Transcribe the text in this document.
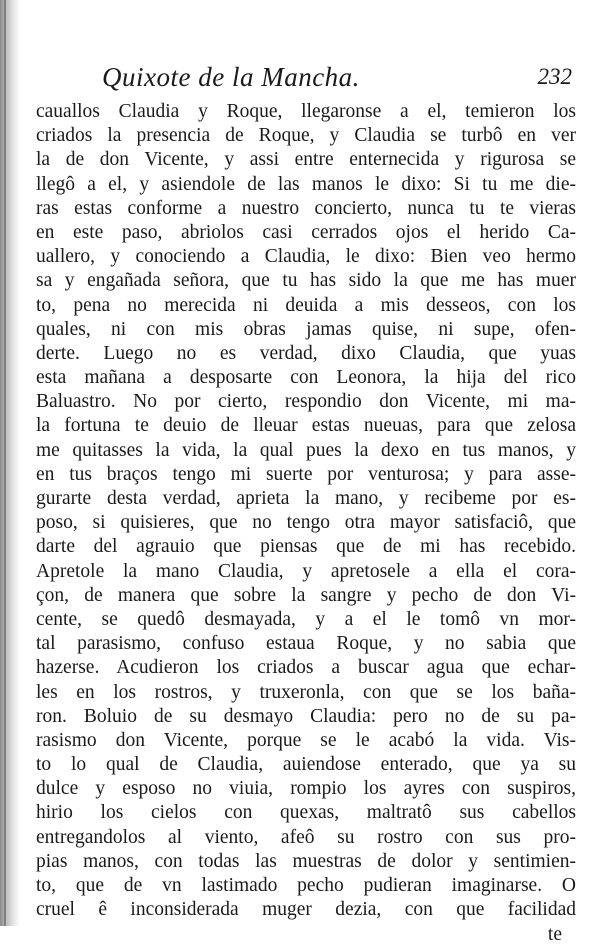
Quixote de la Mancha.	232
cauallos Claudia y Roque, llegaronse a el, temieron los
criados la presencia de Roque, y Claudia se turbô en ver
la de don Vicente, y assi entre enternecida y rigurosa se
llegô a el, y asiendole de las manos le dixo: Si tu me die-
ras estas conforme a nuestro concierto, nunca tu te vieras
en este paso, abriolos casi cerrados ojos el herido Ca-
uallero, y conociendo a Claudia, le dixo: Bien veo hermo
sa y engañada señora, que tu has sido la que me has muer
to, pena no merecida ni deuida a mis desseos, con los
quales, ni con mis obras jamas quise, ni supe, ofen-
derte. Luego no es verdad, dixo Claudia, que yuas
esta mañana a desposarte con Leonora, la hija del rico
Baluastro. No por cierto, respondio don Vicente, mi ma-
la fortuna te deuio de lleuar estas nueuas, para que zelosa
me quitasses la vida, la qual pues la dexo en tus manos, y
en tus braços tengo mi suerte por venturosa; y para asse-
gurarte desta verdad, aprieta la mano, y recibeme por es-
poso, si quisieres, que no tengo otra mayor satisfaciô, que
darte del agrauio que piensas que de mi has recebido.
Apretole la mano Claudia, y apretosele a ella el cora-
çon, de manera que sobre la sangre y pecho de don Vi-
cente, se quedô desmayada, y a el le tomô vn mor-
tal parasismo, confuso estaua Roque, y no sabia que
hazerse. Acudieron los criados a buscar agua que echar-
les en los rostros, y truxeronla, con que se los baña-
ron. Boluio de su desmayo Claudia: pero no de su pa-
rasismo don Vicente, porque se le acabó la vida. Vis-
to lo qual de Claudia, auiendose enterado, que ya su
dulce y esposo no viuia, rompio los ayres con suspiros,
hirio los cielos con quexas, maltratô sus cabellos
entregandolos al viento, afeô su rostro con sus pro-
pias manos, con todas las muestras de dolor y sentimien-
to, que de vn lastimado pecho pudieran imaginarse. O
cruel ê inconsiderada muger dezia, con que facilidad
te
